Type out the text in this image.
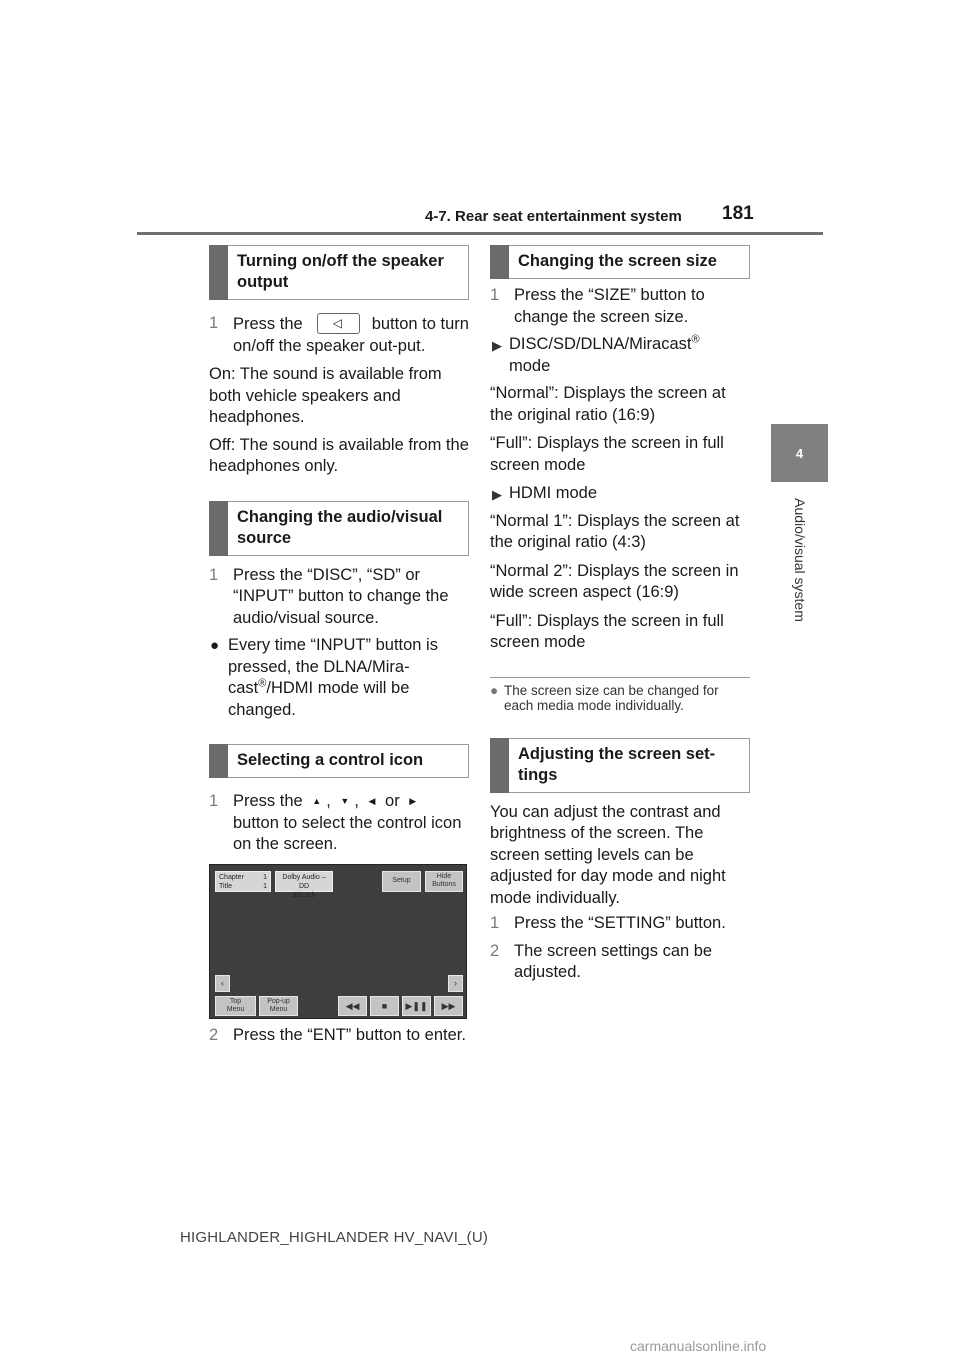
4-7. Rear seat entertainment system 181
4
Audio/visual system
Turning on/off the speaker output
1 Press the	◁ button to turn on/off the speaker out-put.
On: The sound is available from both vehicle speakers and headphones.
Off: The sound is available from the headphones only.
Changing the audio/visual source
1 Press the “DISC”, “SD” or “INPUT” button to change the audio/visual source.
● Every time “INPUT” button is pressed, the DLNA/Mira-cast®/HDMI mode will be changed.
Selecting a control icon
1 Press the ▲ , ▼ , ◀ or ▶ button to select the control icon on the screen.
Chapter	1
Title	1
Dolby Audio – DD
3/2.1ch
Setup
Hide
Buttons
‹	›
Top
Menu
Pop-up
Menu	◀◀ ■ ▶❚❚ ▶▶
2 Press the “ENT” button to enter.
Changing the screen size
1 Press the “SIZE” button to change the screen size.
▶ DISC/SD/DLNA/Miracast®
mode
“Normal”: Displays the screen at the original ratio (16:9)
“Full”: Displays the screen in full screen mode
▶ HDMI mode
“Normal 1”: Displays the screen at the original ratio (4:3)
“Normal 2”: Displays the screen in wide screen aspect (16:9)
“Full”: Displays the screen in full screen mode
● The screen size can be changed for each media mode individually.
Adjusting the screen set-tings
You can adjust the contrast and brightness of the screen. The screen setting levels can be adjusted for day mode and night mode individually.
1 Press the “SETTING” button.
2 The screen settings can be adjusted.
HIGHLANDER_HIGHLANDER HV_NAVI_(U)
carmanualsonline.info
